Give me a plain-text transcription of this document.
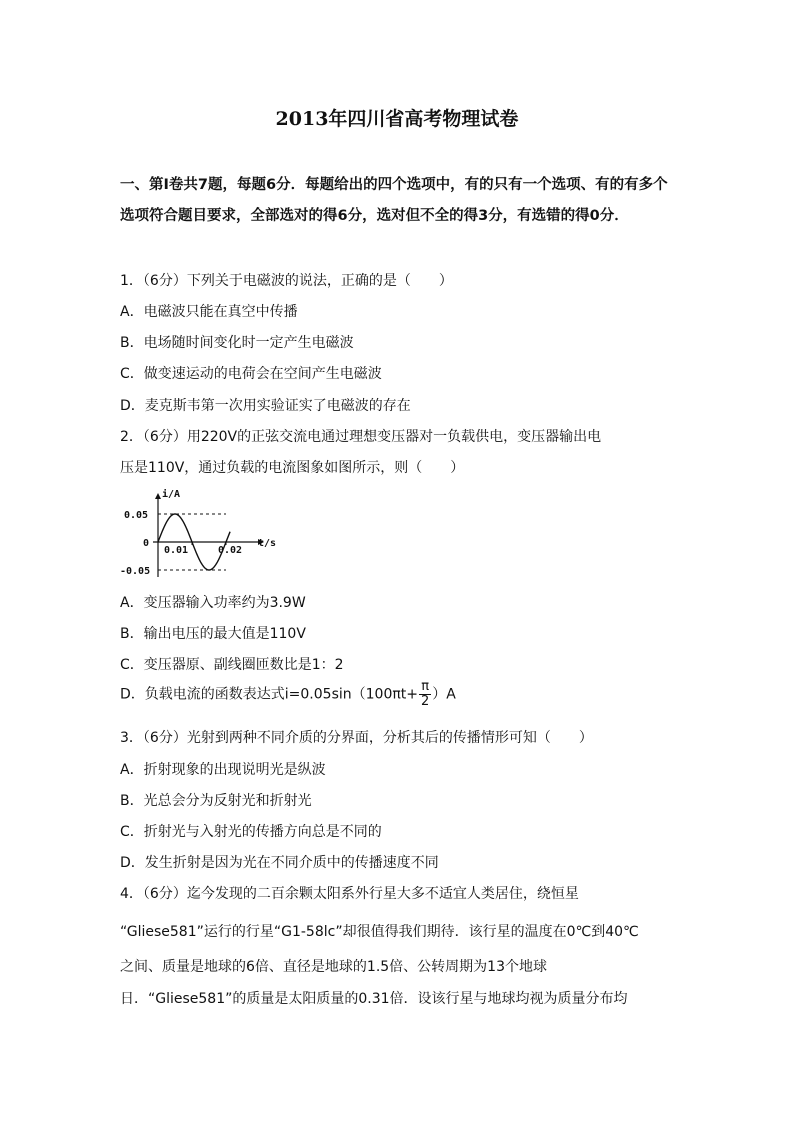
2013年四川省高考物理试卷
一、第Ⅰ卷共7题，每题6分．每题给出的四个选项中，有的只有一个选项、有的有多个选项符合题目要求，全部选对的得6分，选对但不全的得3分，有选错的得0分．
1．（6分）下列关于电磁波的说法，正确的是（　　）
A．电磁波只能在真空中传播
B．电场随时间变化时一定产生电磁波
C．做变速运动的电荷会在空间产生电磁波
D．麦克斯韦第一次用实验证实了电磁波的存在
2．（6分）用220V的正弦交流电通过理想变压器对一负载供电，变压器输出电
压是110V，通过负载的电流图象如图所示，则（　　）
i/A
t/s
0.05
0
-0.05
0.01	0.02
A．变压器输入功率约为3.9W
B．输出电压的最大值是110V
C．变压器原、副线圈匝数比是1：2
D．负载电流的函数表达式$i=0.05\sin(100\pi t+ \frac{\pi}{2} )A$
3．（6分）光射到两种不同介质的分界面，分析其后的传播情形可知（　　）
A．折射现象的出现说明光是纵波
B．光总会分为反射光和折射光
C．折射光与入射光的传播方向总是不同的
D．发生折射是因为光在不同介质中的传播速度不同
4．（6分）迄今发现的二百余颗太阳系外行星大多不适宜人类居住，绕恒星
“Gliese581”运行的行星“G1-58lc”却很值得我们期待．该行星的温度在0℃到40℃
之间、质量是地球的6倍、直径是地球的1.5倍、公转周期为13个地球
日．“Gliese581”的质量是太阳质量的0.31倍．设该行星与地球均视为质量分布均
